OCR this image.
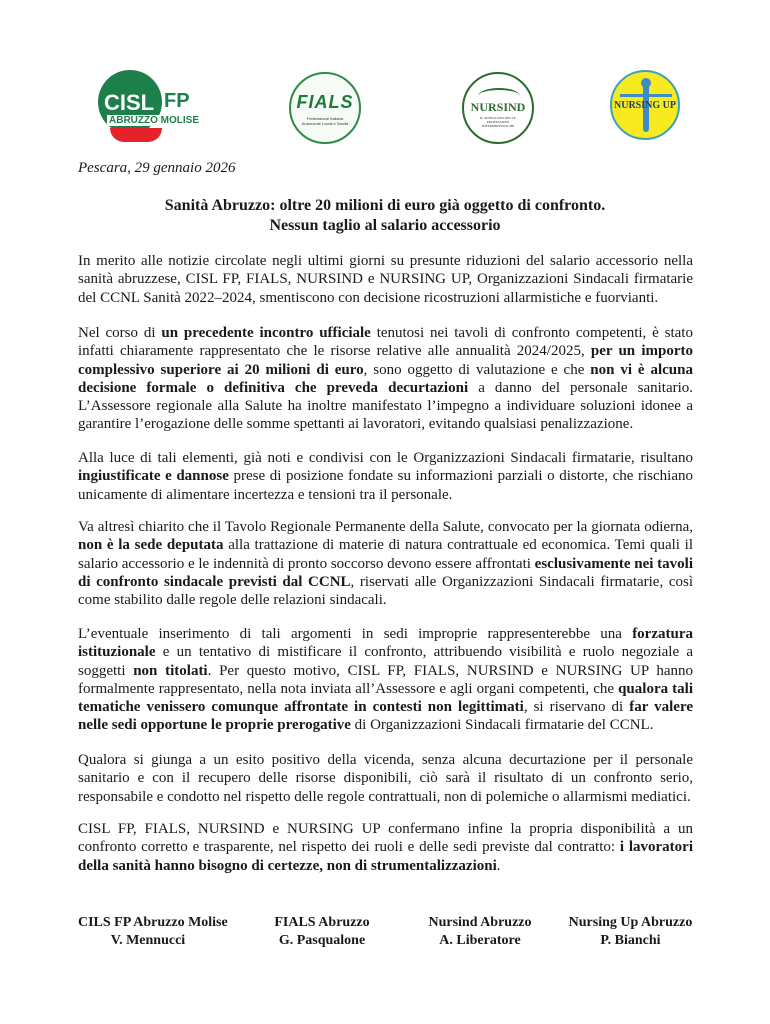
CISL FP
ABRUZZO MOLISE
FIALS
Federazione Italiana Autonomie Locali e Sanità
NURSIND
IL SINDACATO DELLE PROFESSIONI INFERMIERISTICHE
NURSING UP
Pescara, 29 gennaio 2026
Sanità Abruzzo: oltre 20 milioni di euro già oggetto di confronto.
Nessun taglio al salario accessorio
In merito alle notizie circolate negli ultimi giorni su presunte riduzioni del salario accessorio nella sanità abruzzese, CISL FP, FIALS, NURSIND e NURSING UP, Organizzazioni Sindacali firmatarie del CCNL Sanità 2022–2024, smentiscono con decisione ricostruzioni allarmistiche e fuorvianti.
Nel corso di un precedente incontro ufficiale tenutosi nei tavoli di confronto competenti, è stato infatti chiaramente rappresentato che le risorse relative alle annualità 2024/2025, per un importo complessivo superiore ai 20 milioni di euro, sono oggetto di valutazione e che non vi è alcuna decisione formale o definitiva che preveda decurtazioni a danno del personale sanitario. L’Assessore regionale alla Salute ha inoltre manifestato l’impegno a individuare soluzioni idonee a garantire l’erogazione delle somme spettanti ai lavoratori, evitando qualsiasi penalizzazione.
Alla luce di tali elementi, già noti e condivisi con le Organizzazioni Sindacali firmatarie, risultano ingiustificate e dannose prese di posizione fondate su informazioni parziali o distorte, che rischiano unicamente di alimentare incertezza e tensioni tra il personale.
Va altresì chiarito che il Tavolo Regionale Permanente della Salute, convocato per la giornata odierna, non è la sede deputata alla trattazione di materie di natura contrattuale ed economica. Temi quali il salario accessorio e le indennità di pronto soccorso devono essere affrontati esclusivamente nei tavoli di confronto sindacale previsti dal CCNL, riservati alle Organizzazioni Sindacali firmatarie, così come stabilito dalle regole delle relazioni sindacali.
L’eventuale inserimento di tali argomenti in sedi improprie rappresenterebbe una forzatura istituzionale e un tentativo di mistificare il confronto, attribuendo visibilità e ruolo negoziale a soggetti non titolati. Per questo motivo, CISL FP, FIALS, NURSIND e NURSING UP hanno formalmente rappresentato, nella nota inviata all’Assessore e agli organi competenti, che qualora tali tematiche venissero comunque affrontate in contesti non legittimati, si riservano di far valere nelle sedi opportune le proprie prerogative di Organizzazioni Sindacali firmatarie del CCNL.
Qualora si giunga a un esito positivo della vicenda, senza alcuna decurtazione per il personale sanitario e con il recupero delle risorse disponibili, ciò sarà il risultato di un confronto serio, responsabile e condotto nel rispetto delle regole contrattuali, non di polemiche o allarmismi mediatici.
CISL FP, FIALS, NURSIND e NURSING UP confermano infine la propria disponibilità a un confronto corretto e trasparente, nel rispetto dei ruoli e delle sedi previste dal contratto: i lavoratori della sanità hanno bisogno di certezze, non di strumentalizzazioni.
CILS FP Abruzzo Molise
V. Mennucci
FIALS Abruzzo
G. Pasqualone
Nursind Abruzzo
A. Liberatore
Nursing Up Abruzzo
P. Bianchi
